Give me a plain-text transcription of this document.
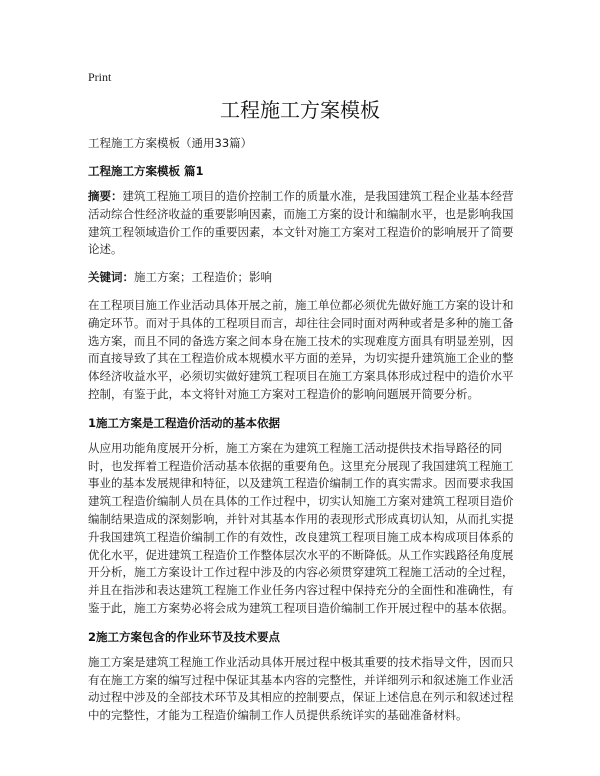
Print
工程施工方案模板

工程施工方案模板（通用33篇）

工程施工方案模板 篇1

摘要：建筑工程施工项目的造价控制工作的质量水准，是我国建筑工程企业基本经营活动综合性经济收益的重要影响因素，而施工方案的设计和编制水平，也是影响我国建筑工程领域造价工作的重要因素，本文针对施工方案对工程造价的影响展开了简要论述。

关键词：施工方案；工程造价；影响

在工程项目施工作业活动具体开展之前，施工单位都必须优先做好施工方案的设计和确定环节。而对于具体的工程项目而言，却往往会同时面对两种或者是多种的施工备选方案，而且不同的备选方案之间本身在施工技术的实现难度方面具有明显差别，因而直接导致了其在工程造价成本规模水平方面的差异，为切实提升建筑施工企业的整体经济收益水平，必须切实做好建筑工程项目在施工方案具体形成过程中的造价水平控制，有鉴于此，本文将针对施工方案对工程造价的影响问题展开简要分析。

1施工方案是工程造价活动的基本依据

从应用功能角度展开分析，施工方案在为建筑工程施工活动提供技术指导路径的同时，也发挥着工程造价活动基本依据的重要角色。这里充分展现了我国建筑工程施工事业的基本发展规律和特征，以及建筑工程造价编制工作的真实需求。因而要求我国建筑工程造价编制人员在具体的工作过程中，切实认知施工方案对建筑工程项目造价编制结果造成的深刻影响，并针对其基本作用的表现形式形成真切认知，从而扎实提升我国建筑工程造价编制工作的有效性，改良建筑工程项目施工成本构成项目体系的优化水平，促进建筑工程造价工作整体层次水平的不断降低。从工作实践路径角度展开分析，施工方案设计工作过程中涉及的内容必须贯穿建筑工程施工活动的全过程，并且在指涉和表达建筑工程施工作业任务内容过程中保持充分的全面性和准确性，有鉴于此，施工方案势必将会成为建筑工程项目造价编制工作开展过程中的基本依据。

2施工方案包含的作业环节及技术要点

施工方案是建筑工程施工作业活动具体开展过程中极其重要的技术指导文件，因而只有在施工方案的编写过程中保证其基本内容的完整性，并详细列示和叙述施工作业活动过程中涉及的全部技术环节及其相应的控制要点，保证上述信息在列示和叙述过程中的完整性，才能为工程造价编制工作人员提供系统详实的基础准备材料。
